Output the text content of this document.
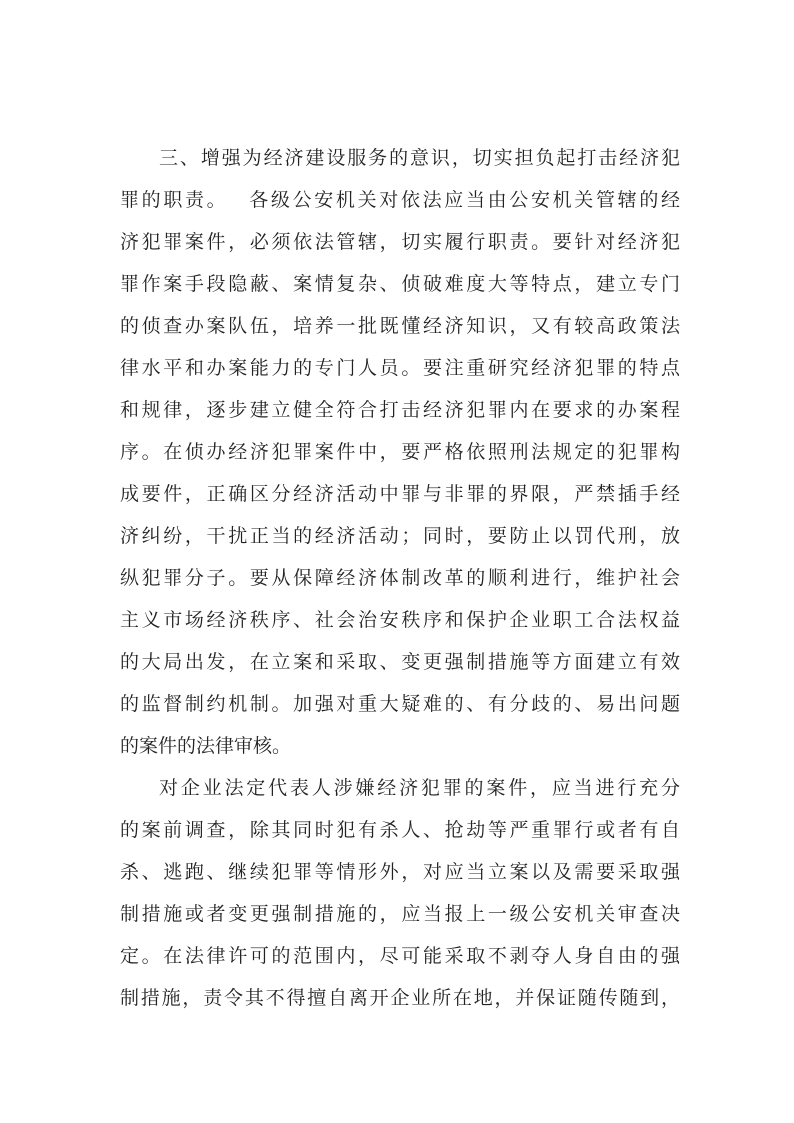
三、增强为经济建设服务的意识，切实担负起打击经济犯
罪的职责。　 各级公安机关对依法应当由公安机关管辖的经
济犯罪案件，必须依法管辖，切实履行职责。要针对经济犯
罪作案手段隐蔽、案情复杂、侦破难度大等特点，建立专门
的侦查办案队伍，培养一批既懂经济知识，又有较高政策法
律水平和办案能力的专门人员。要注重研究经济犯罪的特点
和规律，逐步建立健全符合打击经济犯罪内在要求的办案程
序。在侦办经济犯罪案件中，要严格依照刑法规定的犯罪构
成要件，正确区分经济活动中罪与非罪的界限，严禁插手经
济纠纷，干扰正当的经济活动；同时，要防止以罚代刑，放
纵犯罪分子。要从保障经济体制改革的顺利进行，维护社会
主义市场经济秩序、社会治安秩序和保护企业职工合法权益
的大局出发，在立案和采取、变更强制措施等方面建立有效
的监督制约机制。加强对重大疑难的、有分歧的、易出问题
的案件的法律审核。
对企业法定代表人涉嫌经济犯罪的案件，应当进行充分
的案前调查，除其同时犯有杀人、抢劫等严重罪行或者有自
杀、逃跑、继续犯罪等情形外，对应当立案以及需要采取强
制措施或者变更强制措施的，应当报上一级公安机关审查决
定。在法律许可的范围内，尽可能采取不剥夺人身自由的强
制措施，责令其不得擅自离开企业所在地，并保证随传随到，
